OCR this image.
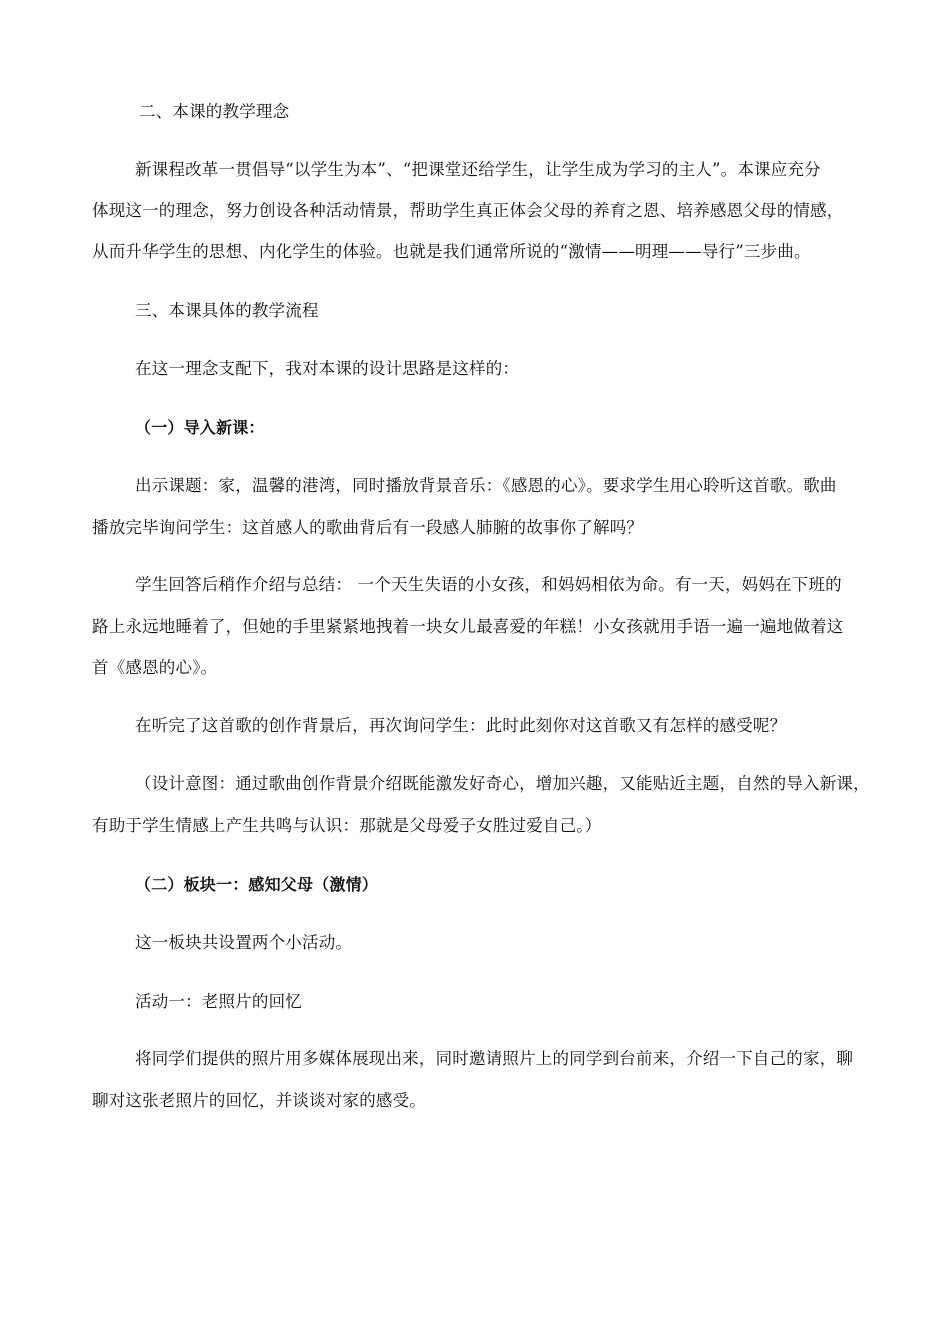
二、本课的教学理念
新课程改革一贯倡导“以学生为本”、“把课堂还给学生，让学生成为学习的主人”。本课应充分
体现这一的理念，努力创设各种活动情景，帮助学生真正体会父母的养育之恩、培养感恩父母的情感，
从而升华学生的思想、内化学生的体验。也就是我们通常所说的“激情——明理——导行”三步曲。
三、本课具体的教学流程
在这一理念支配下，我对本课的设计思路是这样的：
（一）导入新课：
出示课题：家，温馨的港湾，同时播放背景音乐：《感恩的心》。要求学生用心聆听这首歌。歌曲
播放完毕询问学生：这首感人的歌曲背后有一段感人肺腑的故事你了解吗？
学生回答后稍作介绍与总结： 一个天生失语的小女孩，和妈妈相依为命。有一天，妈妈在下班的
路上永远地睡着了，但她的手里紧紧地拽着一块女儿最喜爱的年糕！小女孩就用手语一遍一遍地做着这
首《感恩的心》。
在听完了这首歌的创作背景后，再次询问学生：此时此刻你对这首歌又有怎样的感受呢？
（设计意图：通过歌曲创作背景介绍既能激发好奇心，增加兴趣，又能贴近主题，自然的导入新课，
有助于学生情感上产生共鸣与认识：那就是父母爱子女胜过爱自己。）
（二）板块一：感知父母（激情）
这一板块共设置两个小活动。
活动一：老照片的回忆
将同学们提供的照片用多媒体展现出来，同时邀请照片上的同学到台前来，介绍一下自己的家，聊
聊对这张老照片的回忆，并谈谈对家的感受。
